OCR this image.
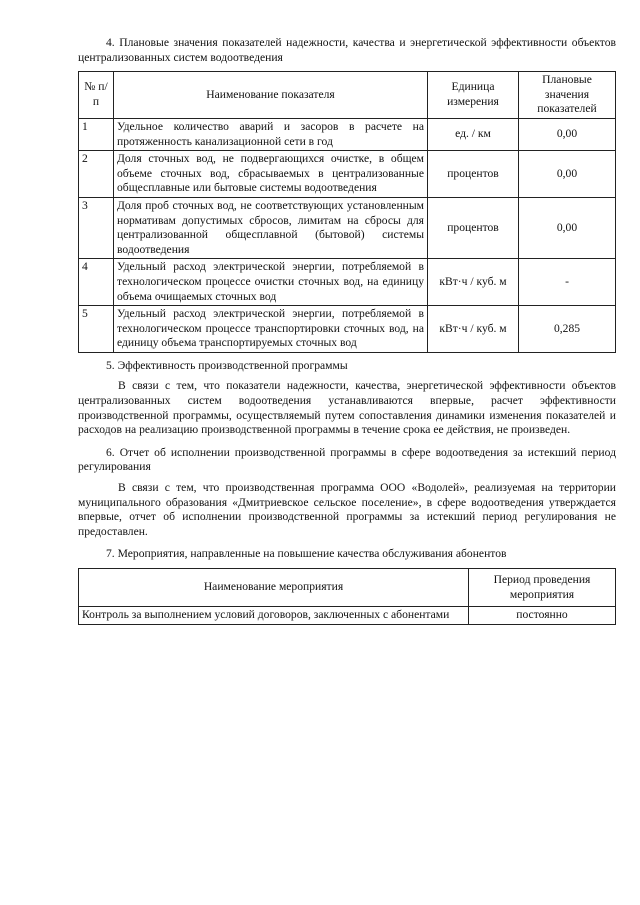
4. Плановые значения показателей надежности, качества и энергетической эффективности объектов централизованных систем водоотведения

№ п/п	Наименование показателя	Единица измерения	Плановые значения показателей
1	Удельное количество аварий и засоров в расчете на протяженность канализационной сети в год	ед. / км	0,00
2	Доля сточных вод, не подвергающихся очистке, в общем объеме сточных вод, сбрасываемых в централизованные общесплавные или бытовые системы водоотведения	процентов	0,00
3	Доля проб сточных вод, не соответствующих установленным нормативам допустимых сбросов, лимитам на сбросы для централизованной общесплавной (бытовой) системы водоотведения	процентов	0,00
4	Удельный расход электрической энергии, потребляемой в технологическом процессе очистки сточных вод, на единицу объема очищаемых сточных вод	кВт·ч / куб. м	-
5	Удельный расход электрической энергии, потребляемой в технологическом процессе транспортировки сточных вод, на единицу объема транспортируемых сточных вод	кВт·ч / куб. м	0,285

5. Эффективность производственной программы

В связи с тем, что показатели надежности, качества, энергетической эффективности объектов централизованных систем водоотведения устанавливаются впервые, расчет эффективности производственной программы, осуществляемый путем сопоставления динамики изменения показателей и расходов на реализацию производственной программы в течение срока ее действия, не произведен.

6. Отчет об исполнении производственной программы в сфере водоотведения за истекший период регулирования

В связи с тем, что производственная программа ООО «Водолей», реализуемая на территории муниципального образования «Дмитриевское сельское поселение», в сфере водоотведения утверждается впервые, отчет об исполнении производственной программы за истекший период регулирования не предоставлен.

7. Мероприятия, направленные на повышение качества обслуживания абонентов

Наименование мероприятия	Период проведения мероприятия
Контроль за выполнением условий договоров, заключенных с абонентами	постоянно
